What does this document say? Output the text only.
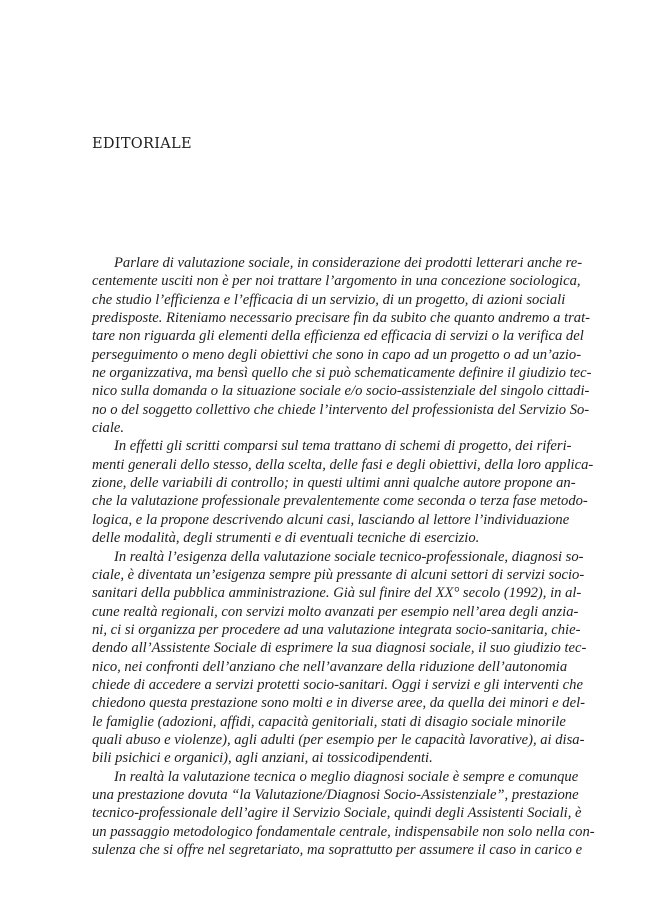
EDITORIALE

Parlare di valutazione sociale, in considerazione dei prodotti letterari anche re-
centemente usciti non è per noi trattare l’argomento in una concezione sociologica,
che studio l’efficienza e l’efficacia di un servizio, di un progetto, di azioni sociali
predisposte. Riteniamo necessario precisare fin da subito che quanto andremo a trat-
tare non riguarda gli elementi della efficienza ed efficacia di servizi o la verifica del
perseguimento o meno degli obiettivi che sono in capo ad un progetto o ad un’azio-
ne organizzativa, ma bensì quello che si può schematicamente definire il giudizio tec-
nico sulla domanda o la situazione sociale e/o socio-assistenziale del singolo cittadi-
no o del soggetto collettivo che chiede l’intervento del professionista del Servizio So-
ciale.

In effetti gli scritti comparsi sul tema trattano di schemi di progetto, dei riferi-
menti generali dello stesso, della scelta, delle fasi e degli obiettivi, della loro applica-
zione, delle variabili di controllo; in questi ultimi anni qualche autore propone an-
che la valutazione professionale prevalentemente come seconda o terza fase metodo-
logica, e la propone descrivendo alcuni casi, lasciando al lettore l’individuazione
delle modalità, degli strumenti e di eventuali tecniche di esercizio.

In realtà l’esigenza della valutazione sociale tecnico-professionale, diagnosi so-
ciale, è diventata un’esigenza sempre più pressante di alcuni settori di servizi socio-
sanitari della pubblica amministrazione. Già sul finire del XX° secolo (1992), in al-
cune realtà regionali, con servizi molto avanzati per esempio nell’area degli anzia-
ni, ci si organizza per procedere ad una valutazione integrata socio-sanitaria, chie-
dendo all’Assistente Sociale di esprimere la sua diagnosi sociale, il suo giudizio tec-
nico, nei confronti dell’anziano che nell’avanzare della riduzione dell’autonomia
chiede di accedere a servizi protetti socio-sanitari. Oggi i servizi e gli interventi che
chiedono questa prestazione sono molti e in diverse aree, da quella dei minori e del-
le famiglie (adozioni, affidi, capacità genitoriali, stati di disagio sociale minorile
quali abuso e violenze), agli adulti (per esempio per le capacità lavorative), ai disa-
bili psichici e organici), agli anziani, ai tossicodipendenti.

In realtà la valutazione tecnica o meglio diagnosi sociale è sempre e comunque
una prestazione dovuta “la Valutazione/Diagnosi Socio-Assistenziale”, prestazione
tecnico-professionale dell’agire il Servizio Sociale, quindi degli Assistenti Sociali, è
un passaggio metodologico fondamentale centrale, indispensabile non solo nella con-
sulenza che si offre nel segretariato, ma soprattutto per assumere il caso in carico e
